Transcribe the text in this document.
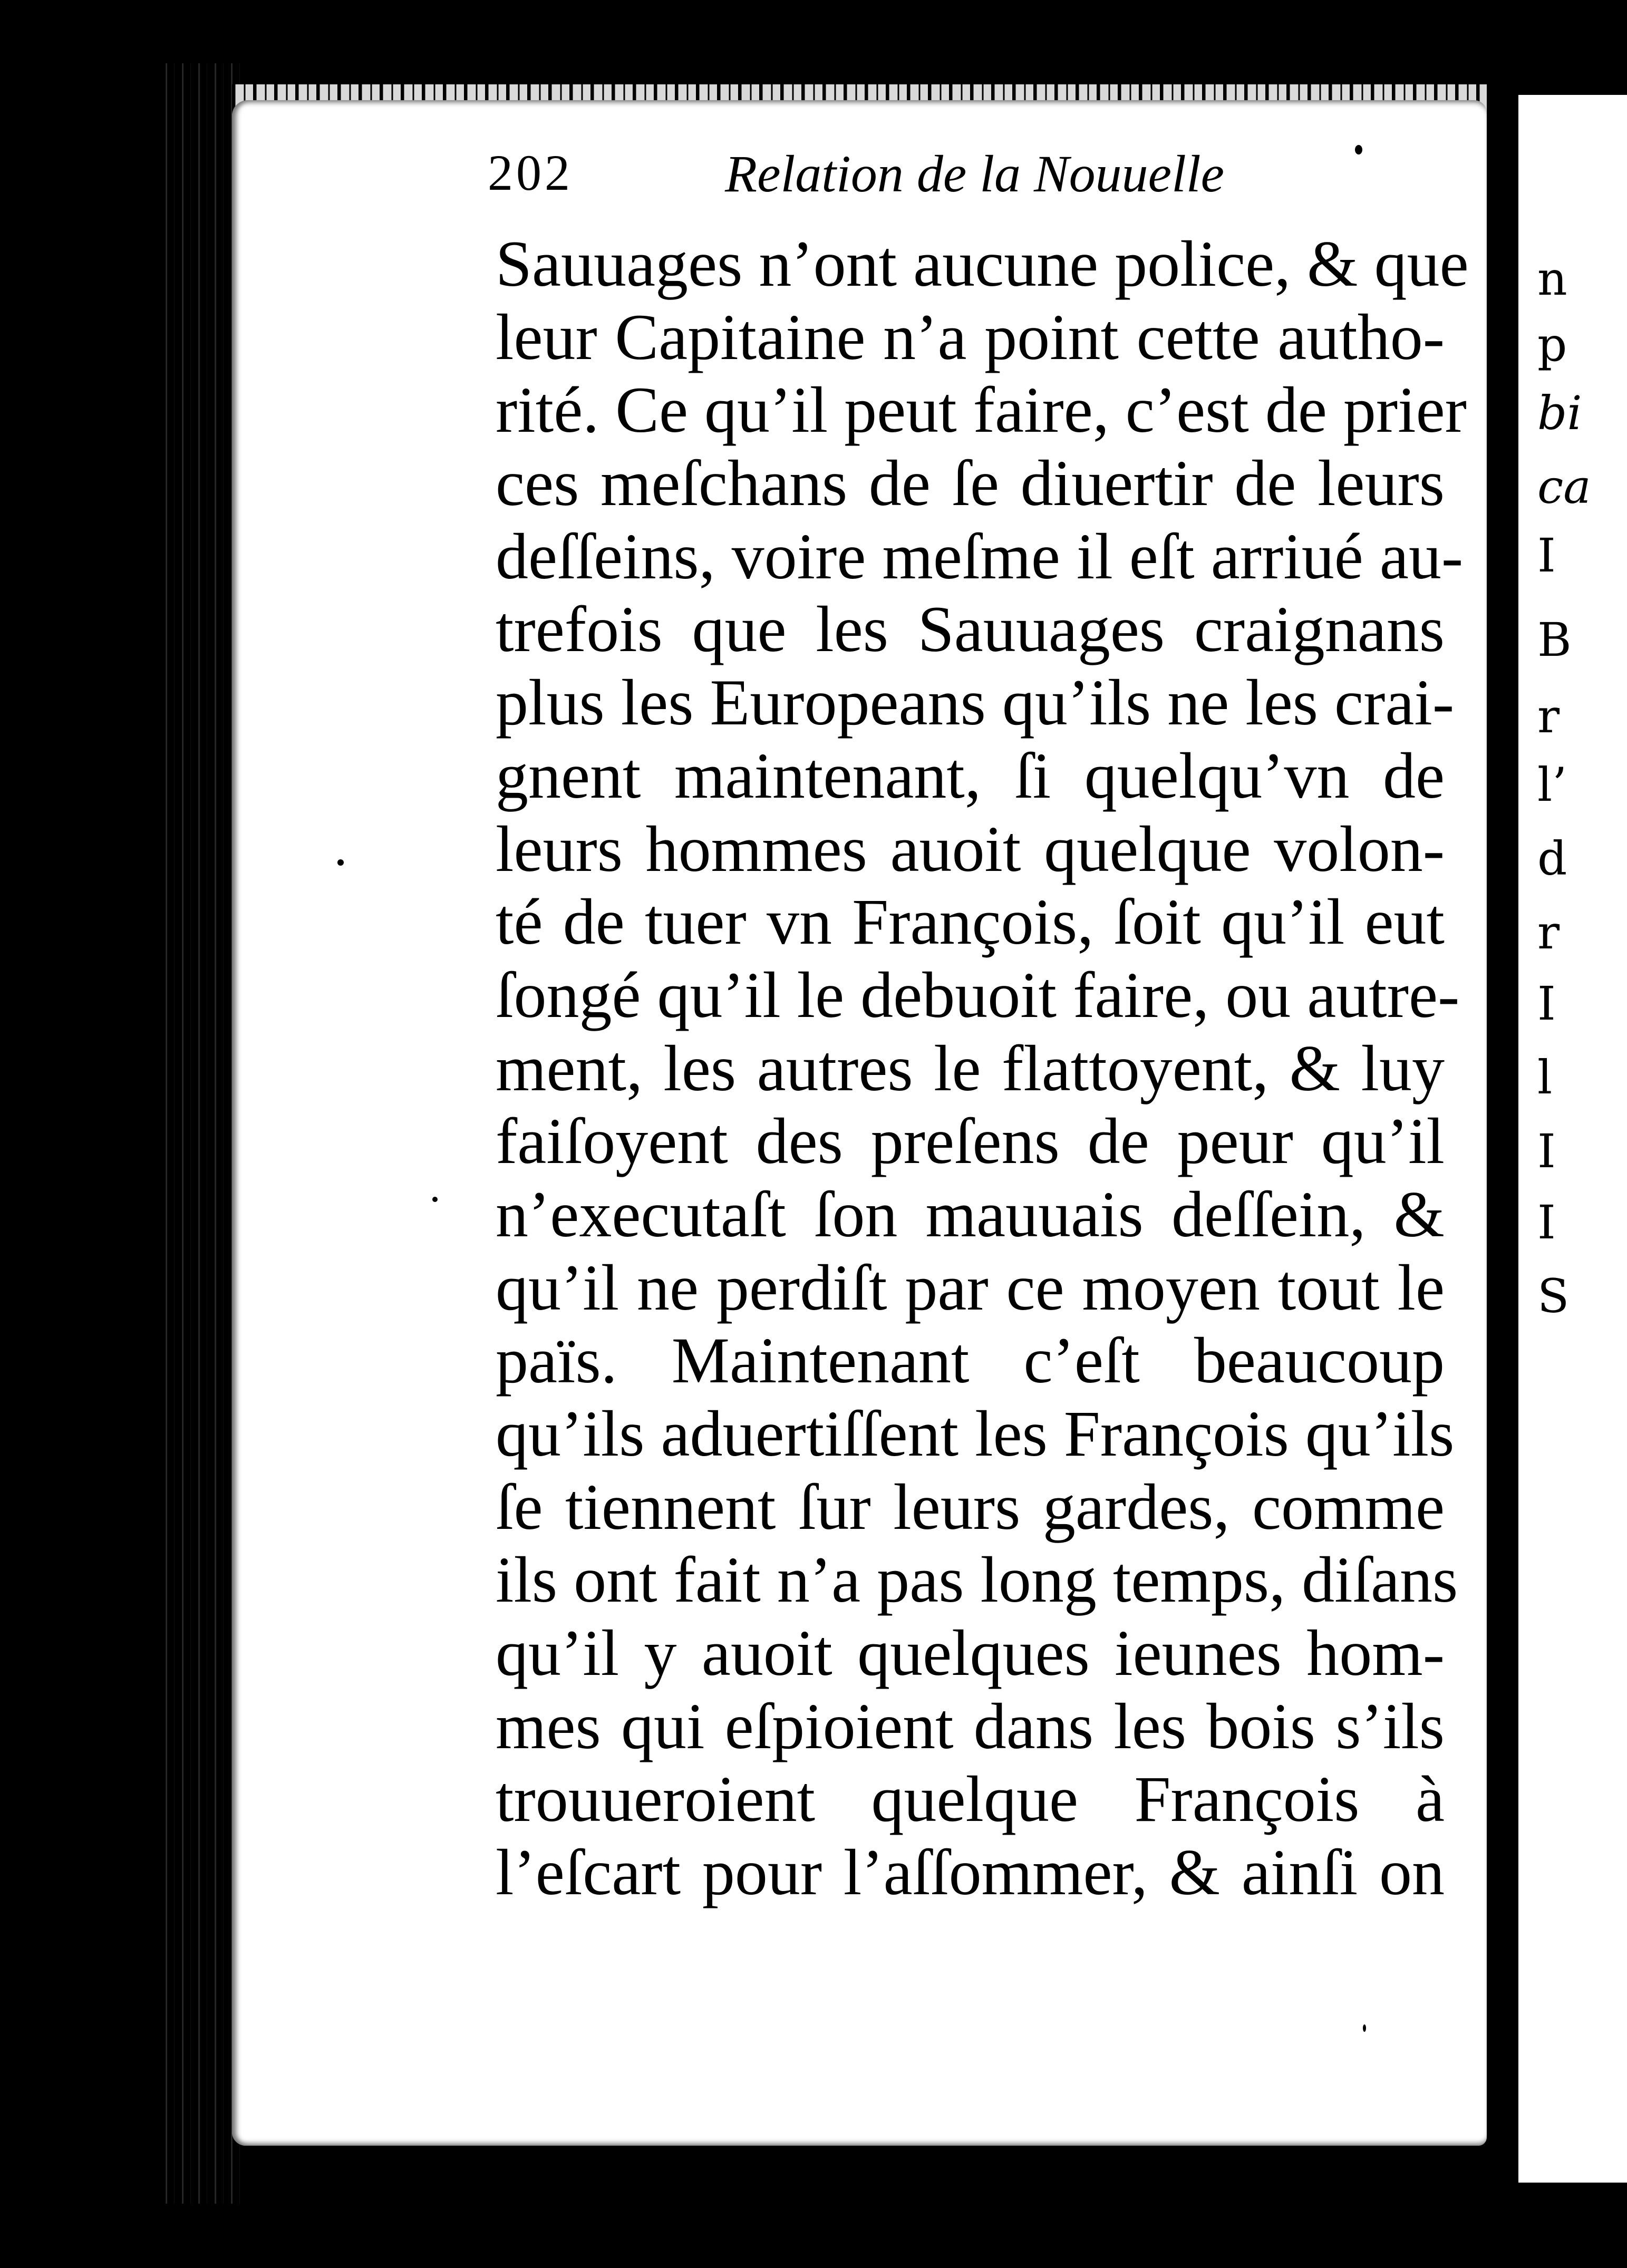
n
p
bi
ca
I
B
r
l’
d
r
I
l
I
I
S
202	Relation de la Nouuelle
Sauuages n’ont aucune police, & que
leur Capitaine n’a point cette autho-
rité. Ce qu’il peut faire, c’est de prier
ces meſchans de ſe diuertir de leurs
deſſeins, voire meſme il eſt arriué au-
trefois que les Sauuages craignans
plus les Europeans qu’ils ne les crai-
gnent maintenant, ſi quelqu’vn de
leurs hommes auoit quelque volon-
té de tuer vn François, ſoit qu’il eut
ſongé qu’il le debuoit faire, ou autre-
ment, les autres le flattoyent, & luy
faiſoyent des preſens de peur qu’il
n’executaſt ſon mauuais deſſein, &
qu’il ne perdiſt par ce moyen tout le
païs. Maintenant c’eſt beaucoup
qu’ils aduertiſſent les François qu’ils
ſe tiennent ſur leurs gardes, comme
ils ont fait n’a pas long temps, diſans
qu’il y auoit quelques ieunes hom-
mes qui eſpioient dans les bois s’ils
trouueroient quelque François à
l’eſcart pour l’aſſommer, & ainſi on
